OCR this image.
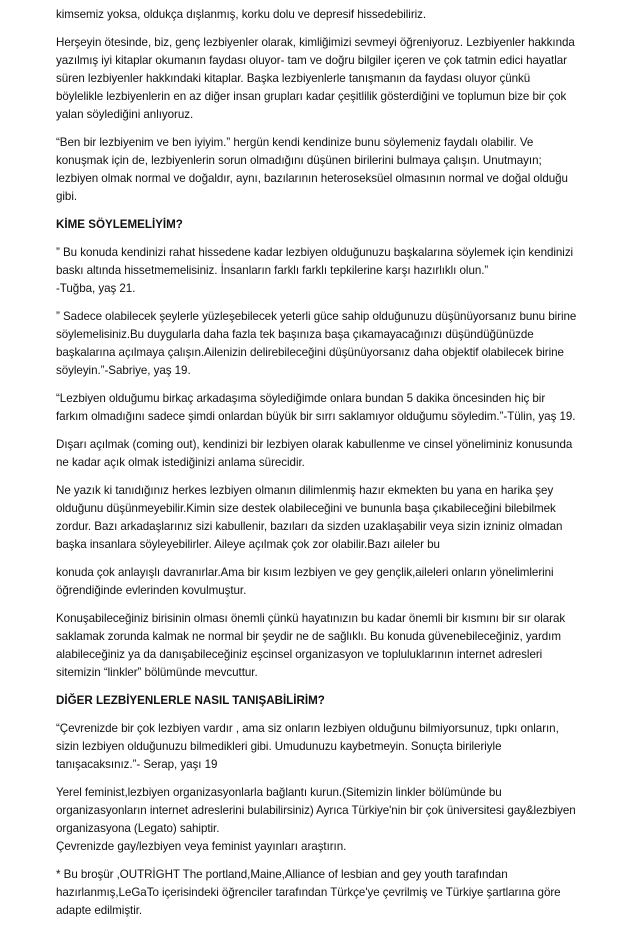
kimsemiz yoksa, oldukça dışlanmış, korku dolu ve depresif hissedebiliriz.

Herşeyin ötesinde, biz, genç lezbiyenler olarak, kimliğimizi sevmeyi öğreniyoruz. Lezbiyenler hakkında
yazılmış iyi kitaplar okumanın faydası oluyor- tam ve doğru bilgiler içeren ve çok tatmin edici hayatlar
süren lezbiyenler hakkındaki kitaplar. Başka lezbiyenlerle tanışmanın da faydası oluyor çünkü
böylelikle lezbiyenlerin en az diğer insan grupları kadar çeşitlilik gösterdiğini ve toplumun bize bir çok
yalan söylediğini anlıyoruz.

“Ben bir lezbiyenim ve ben iyiyim.” hergün kendi kendinize bunu söylemeniz faydalı olabilir. Ve
konuşmak için de, lezbiyenlerin sorun olmadığını düşünen birilerini bulmaya çalışın. Unutmayın;
lezbiyen olmak normal ve doğaldır, aynı, bazılarının heteroseksüel olmasının normal ve doğal olduğu
gibi.

KİME SÖYLEMELİYİM?

” Bu konuda kendinizi rahat hissedene kadar lezbiyen olduğunuzu başkalarına söylemek için kendinizi
baskı altında hissetmemelisiniz. İnsanların farklı farklı tepkilerine karşı hazırlıklı olun.”
-Tuğba, yaş 21.

” Sadece olabilecek şeylerle yüzleşebilecek yeterli güce sahip olduğunuzu düşünüyorsanız bunu birine
söylemelisiniz.Bu duygularla daha fazla tek başınıza başa çıkamayacağınızı düşündüğünüzde
başkalarına açılmaya çalışın.Ailenizin delirebileceğini düşünüyorsanız daha objektif olabilecek birine
söyleyin.”-Sabriye, yaş 19.

“Lezbiyen olduğumu birkaç arkadaşıma söylediğimde onlara bundan 5 dakika öncesinden hiç bir
farkım olmadığını sadece şimdi onlardan büyük bir sırrı saklamıyor olduğumu söyledim.”-Tülin, yaş 19.

Dışarı açılmak (coming out), kendinizi bir lezbiyen olarak kabullenme ve cinsel yöneliminiz konusunda
ne kadar açık olmak istediğinizi anlama sürecidir.

Ne yazık ki tanıdığınız herkes lezbiyen olmanın dilimlenmiş hazır ekmekten bu yana en harika şey
olduğunu düşünmeyebilir.Kimin size destek olabileceğini ve bununla başa çıkabileceğini bilebilmek
zordur. Bazı arkadaşlarınız sizi kabullenir, bazıları da sizden uzaklaşabilir veya sizin izniniz olmadan
başka insanlara söyleyebilirler. Aileye açılmak çok zor olabilir.Bazı aileler bu

konuda çok anlayışlı davranırlar.Ama bir kısım lezbiyen ve gey gençlik,aileleri onların yönelimlerini
öğrendiğinde evlerinden kovulmuştur.

Konuşabileceğiniz birisinin olması önemli çünkü hayatınızın bu kadar önemli bir kısmını bir sır olarak
saklamak zorunda kalmak ne normal bir şeydir ne de sağlıklı. Bu konuda güvenebileceğiniz, yardım
alabileceğiniz ya da danışabileceğiniz eşcinsel organizasyon ve topluluklarının internet adresleri
sitemizin “linkler” bölümünde mevcuttur.

DİĞER LEZBİYENLERLE NASIL TANIŞABİLİRİM?

“Çevrenizde bir çok lezbiyen vardır , ama siz onların lezbiyen olduğunu bilmiyorsunuz, tıpkı onların,
sizin lezbiyen olduğunuzu bilmedikleri gibi. Umudunuzu kaybetmeyin. Sonuçta birileriyle
tanışacaksınız.”- Serap, yaşı 19

Yerel feminist,lezbiyen organizasyonlarla bağlantı kurun.(Sitemizin linkler bölümünde bu
organizasyonların internet adreslerini bulabilirsiniz) Ayrıca Türkiye'nin bir çok üniversitesi gay&lezbiyen
organizasyona (Legato) sahiptir.
Çevrenizde gay/lezbiyen veya feminist yayınları araştırın.

* Bu broşür ,OUTRİGHT The portland,Maine,Alliance of lesbian and gey youth tarafından
hazırlanmış,LeGaTo içerisindeki öğrenciler tarafından Türkçe'ye çevrilmiş ve Türkiye şartlarına göre
adapte edilmiştir.
